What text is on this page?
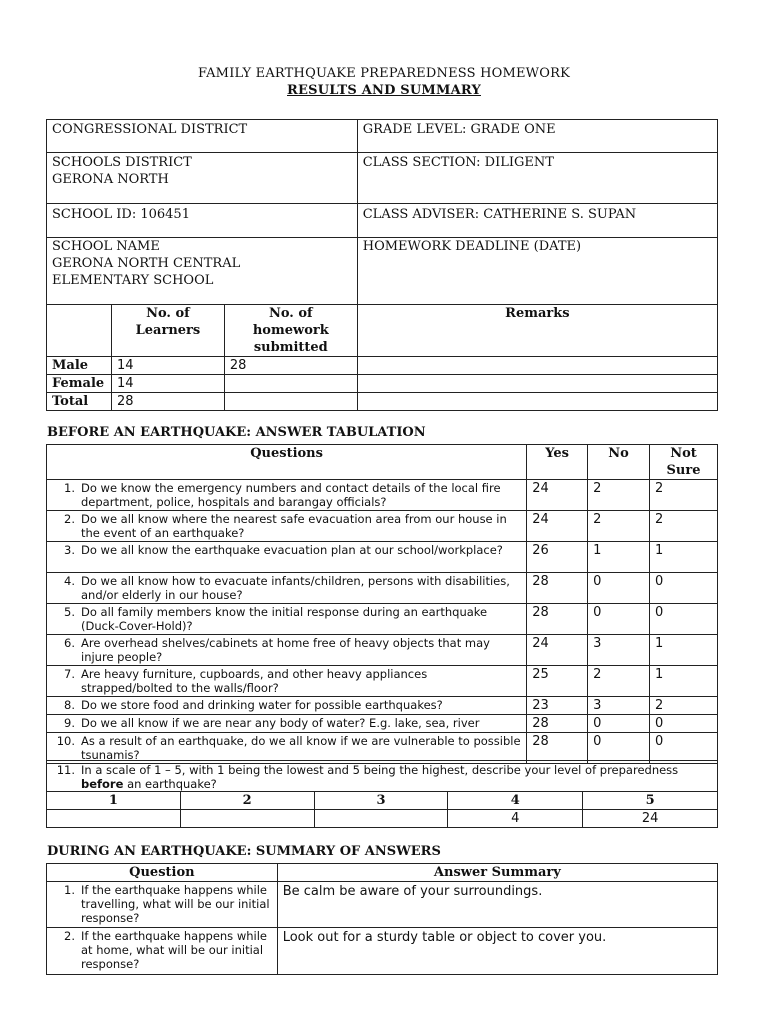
FAMILY EARTHQUAKE PREPAREDNESS HOMEWORK
RESULTS AND SUMMARY
CONGRESSIONAL DISTRICT			GRADE LEVEL: GRADE ONE

SCHOOLS DISTRICT
GERONA NORTH			CLASS SECTION: DILIGENT
SCHOOL ID: 106451			CLASS ADVISER: CATHERINE S. SUPAN

SCHOOL NAME
GERONA NORTH CENTRAL
ELEMENTARY SCHOOL			HOMEWORK DEADLINE (DATE)
	No. of Learners	No. of homework submitted	Remarks
Male	14	28	
Female	14		
Total	28		
BEFORE AN EARTHQUAKE: ANSWER TABULATION
Questions	Yes	No	Not Sure

1. Do we know the emergency numbers and contact details of the local fire department, police, hospitals and barangay officials?	24	2	2

2. Do we all know where the nearest safe evacuation area from our house in the event of an earthquake?	24	2	2

3. Do we all know the earthquake evacuation plan at our school/workplace?	26	1	1

4. Do we all know how to evacuate infants/children, persons with disabilities, and/or elderly in our house?	28	0	0

5. Do all family members know the initial response during an earthquake (Duck-Cover-Hold)?	28	0	0

6. Are overhead shelves/cabinets at home free of heavy objects that may injure people?	24	3	1

7. Are heavy furniture, cupboards, and other heavy appliances strapped/bolted to the walls/floor?	25	2	1

8. Do we store food and drinking water for possible earthquakes?	23	3	2

9. Do we all know if we are near any body of water? E.g. lake, sea, river	28	0	0

10. As a result of an earthquake, do we all know if we are vulnerable to possible tsunamis?	28	0	0
11. In a scale of 1 – 5, with 1 being the lowest and 5 being the highest, describe your level of preparedness before an earthquake?				

1	2	3	4	5
			4	24
DURING AN EARTHQUAKE: SUMMARY OF ANSWERS
Question	Answer Summary

1. If the earthquake happens while travelling, what will be our initial response?	Be calm be aware of your surroundings.

2. If the earthquake happens while at home, what will be our initial response?	Look out for a sturdy table or object to cover you.
